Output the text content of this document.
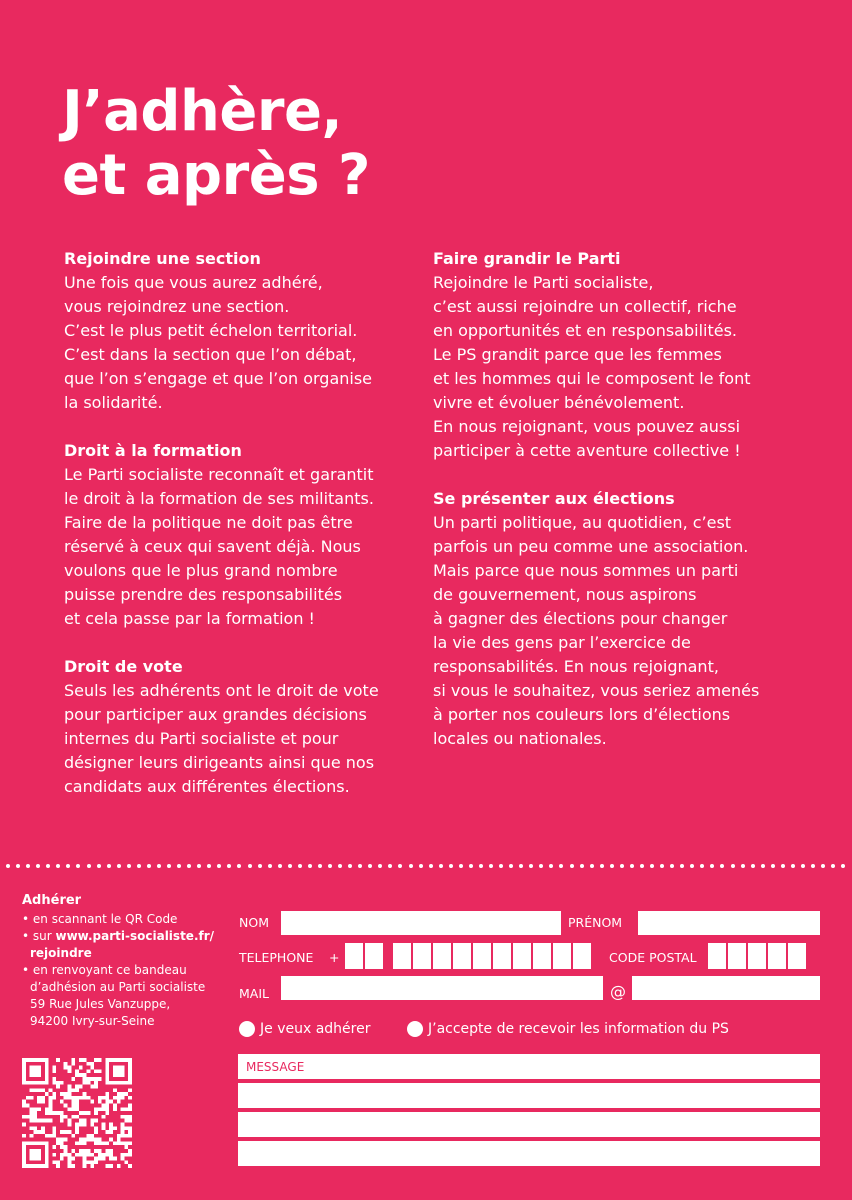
J’adhère,
et après ?
Rejoindre une section
Une fois que vous aurez adhéré,
vous rejoindrez une section.
C’est le plus petit échelon territorial.
C’est dans la section que l’on débat,
que l’on s’engage et que l’on organise
la solidarité.
Droit à la formation
Le Parti socialiste reconnaît et garantit
le droit à la formation de ses militants.
Faire de la politique ne doit pas être
réservé à ceux qui savent déjà. Nous
voulons que le plus grand nombre
puisse prendre des responsabilités
et cela passe par la formation !
Droit de vote
Seuls les adhérents ont le droit de vote
pour participer aux grandes décisions
internes du Parti socialiste et pour
désigner leurs dirigeants ainsi que nos
candidats aux différentes élections.
Faire grandir le Parti
Rejoindre le Parti socialiste,
c’est aussi rejoindre un collectif, riche
en opportunités et en responsabilités.
Le PS grandit parce que les femmes
et les hommes qui le composent le font
vivre et évoluer bénévolement.
En nous rejoignant, vous pouvez aussi
participer à cette aventure collective !
Se présenter aux élections
Un parti politique, au quotidien, c’est
parfois un peu comme une association.
Mais parce que nous sommes un parti
de gouvernement, nous aspirons
à gagner des élections pour changer
la vie des gens par l’exercice de
responsabilités. En nous rejoignant,
si vous le souhaitez, vous seriez amenés
à porter nos couleurs lors d’élections
locales ou nationales.
Adhérer
• en scannant le QR Code
• sur www.parti-socialiste.fr/
rejoindre
• en renvoyant ce bandeau
d’adhésion au Parti socialiste
59 Rue Jules Vanzuppe,
94200 Ivry-sur-Seine
NOM	PRÉNOM
TELEPHONE +	CODE POSTAL
MAIL	@
Je veux adhérer	J’accepte de recevoir les information du PS
MESSAGE
